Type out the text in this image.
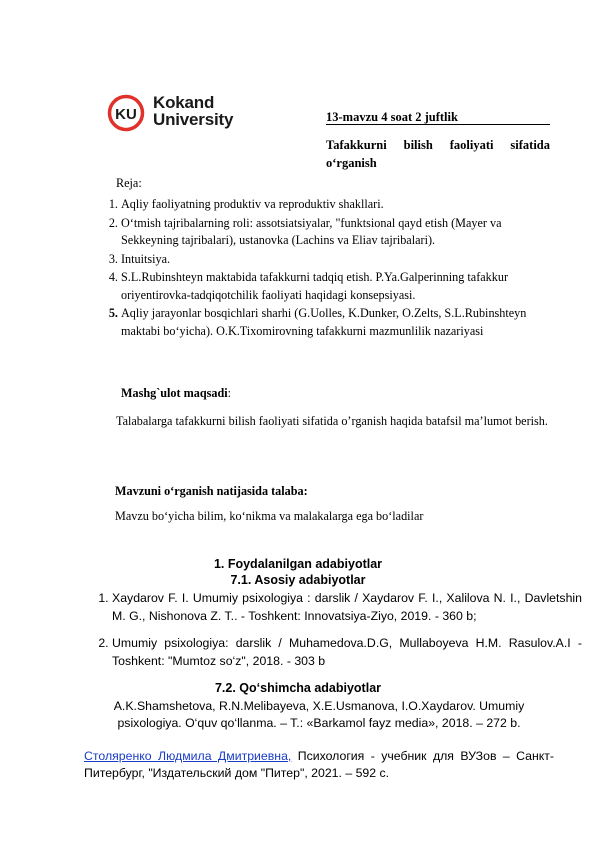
KU
Kokand
University	13-mavzu 4 soat 2 juftlik
Tafakkurni bilish faoliyati sifatida o‘rganish
Reja:
1. Aqliy faoliyatning produktiv va reproduktiv shakllari.
2. O‘tmish tajribalarning roli: assotsiatsiyalar, "funktsional qayd etish (Mayer va Sekkeyning tajribalari), ustanovka (Lachins va Eliav tajribalari).
3. Intuitsiya.
4. S.L.Rubinshteyn maktabida tafakkurni tadqiq etish. P.Ya.Galperinning tafakkur oriyentirovka-tadqiqotchilik faoliyati haqidagi konsepsiyasi.
5. Aqliy jarayonlar bosqichlari sharhi (G.Uolles, K.Dunker, O.Zelts, S.L.Rubinshteyn maktabi bo‘yicha). O.K.Tixomirovning tafakkurni mazmunlilik nazariyasi
Mashg`ulot maqsadi:
Talabalarga tafakkurni bilish faoliyati sifatida o’rganish haqida batafsil ma’lumot berish.
Mavzuni o‘rganish natijasida talaba:
Mavzu bo‘yicha bilim, ko‘nikma va malakalarga ega bo‘ladilar
1. Foydalanilgan adabiyotlar
7.1. Asosiy adabiyotlar
1. Xaydarov F. I. Umumiy psixologiya : darslik / Xaydarov F. I., Xalilova N. I., Davletshin M. G., Nishonova Z. T.. - Toshkent: Innovatsiya-Ziyo, 2019. - 360 b;
2. Umumiy psixologiya: darslik / Muhamedova.D.G, Mullaboyeva H.M. Rasulov.A.I - Toshkent: "Mumtoz so‘z", 2018. - 303 b
7.2. Qo‘shimcha adabiyotlar
A.K.Shamshetova, R.N.Melibayeva, X.E.Usmanova, I.O.Xaydarov. Umumiy psixologiya. O‘quv qo‘llanma. – T.: «Barkamol fayz media», 2018. – 272 b.
Столяренко Людмила Дмитриевна, Психология - учебник для ВУЗов – Санкт-Питербург, "Издательский дом "Питер", 2021. – 592 с.
